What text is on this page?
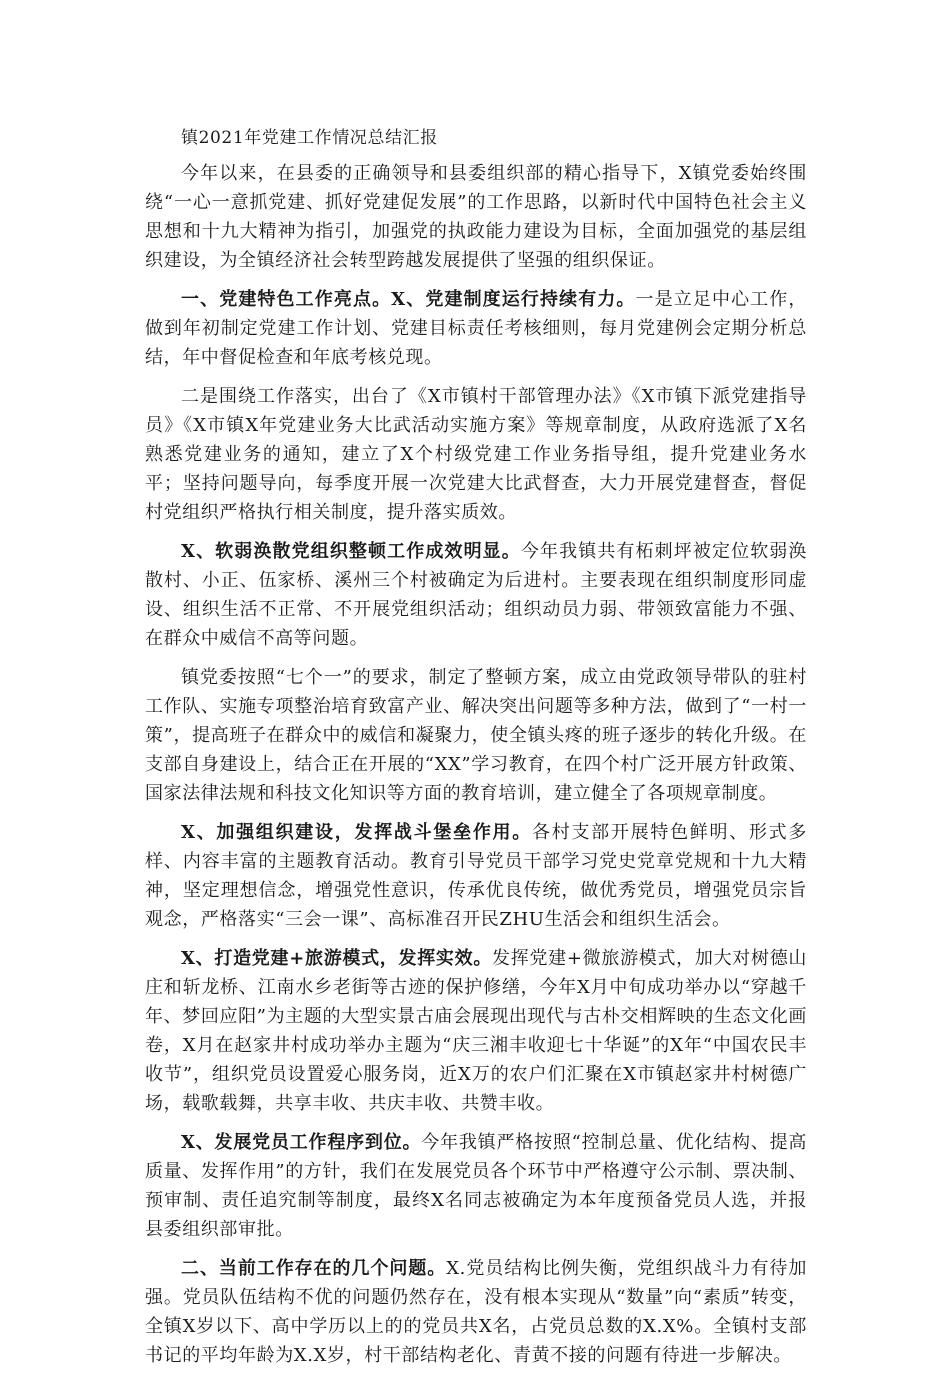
镇2021年党建工作情况总结汇报

今年以来，在县委的正确领导和县委组织部的精心指导下，X镇党委始终围绕“一心一意抓党建、抓好党建促发展”的工作思路，以新时代中国特色社会主义思想和十九大精神为指引，加强党的执政能力建设为目标，全面加强党的基层组织建设，为全镇经济社会转型跨越发展提供了坚强的组织保证。

一、党建特色工作亮点。X、党建制度运行持续有力。一是立足中心工作，做到年初制定党建工作计划、党建目标责任考核细则，每月党建例会定期分析总结，年中督促检查和年底考核兑现。

二是围绕工作落实，出台了《X市镇村干部管理办法》《X市镇下派党建指导员》《X市镇X年党建业务大比武活动实施方案》等规章制度，从政府选派了X名熟悉党建业务的通知，建立了X个村级党建工作业务指导组，提升党建业务水平；坚持问题导向，每季度开展一次党建大比武督查，大力开展党建督查，督促村党组织严格执行相关制度，提升落实质效。

X、软弱涣散党组织整顿工作成效明显。今年我镇共有柘刺坪被定位软弱涣散村、小正、伍家桥、溪州三个村被确定为后进村。主要表现在组织制度形同虚设、组织生活不正常、不开展党组织活动；组织动员力弱、带领致富能力不强、在群众中威信不高等问题。

镇党委按照“七个一”的要求，制定了整顿方案，成立由党政领导带队的驻村工作队、实施专项整治培育致富产业、解决突出问题等多种方法，做到了“一村一策”，提高班子在群众中的威信和凝聚力，使全镇头疼的班子逐步的转化升级。在支部自身建设上，结合正在开展的“XX”学习教育，在四个村广泛开展方针政策、国家法律法规和科技文化知识等方面的教育培训，建立健全了各项规章制度。

X、加强组织建设，发挥战斗堡垒作用。各村支部开展特色鲜明、形式多样、内容丰富的主题教育活动。教育引导党员干部学习党史党章党规和十九大精神，坚定理想信念，增强党性意识，传承优良传统，做优秀党员，增强党员宗旨观念，严格落实“三会一课”、高标准召开民ZHU生活会和组织生活会。

X、打造党建+旅游模式，发挥实效。发挥党建+微旅游模式，加大对树德山庄和斩龙桥、江南水乡老街等古迹的保护修缮，今年X月中旬成功举办以“穿越千年、梦回应阳”为主题的大型实景古庙会展现出现代与古朴交相辉映的生态文化画卷，X月在赵家井村成功举办主题为“庆三湘丰收迎七十华诞”的X年“中国农民丰收节”，组织党员设置爱心服务岗，近X万的农户们汇聚在X市镇赵家井村树德广场，载歌载舞，共享丰收、共庆丰收、共赞丰收。

X、发展党员工作程序到位。今年我镇严格按照“控制总量、优化结构、提高质量、发挥作用”的方针，我们在发展党员各个环节中严格遵守公示制、票决制、预审制、责任追究制等制度，最终X名同志被确定为本年度预备党员人选，并报县委组织部审批。

二、当前工作存在的几个问题。X.党员结构比例失衡，党组织战斗力有待加强。党员队伍结构不优的问题仍然存在，没有根本实现从“数量”向“素质”转变，全镇X岁以下、高中学历以上的的党员共X名，占党员总数的X.X%。全镇村支部书记的平均年龄为X.X岁，村干部结构老化、青黄不接的问题有待进一步解决。
